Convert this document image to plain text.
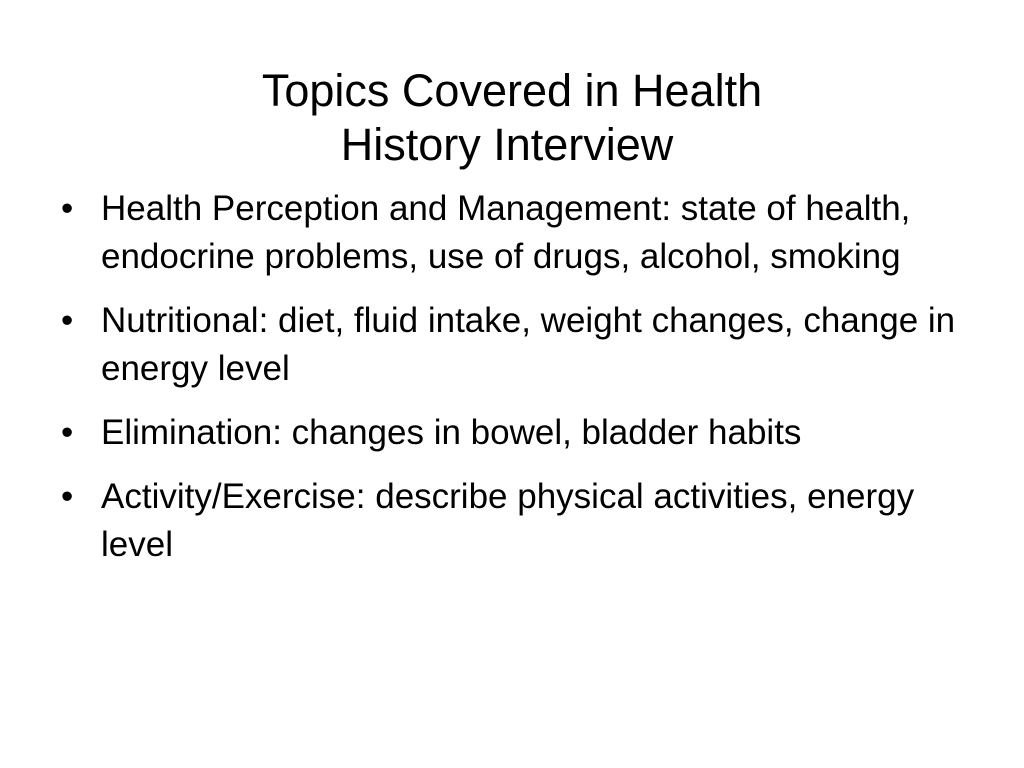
Topics Covered in Health
History Interview
• Health Perception and Management: state of health, endocrine problems, use of drugs, alcohol, smoking
• Nutritional: diet, fluid intake, weight changes, change in energy level
• Elimination: changes in bowel, bladder habits
• Activity/Exercise: describe physical activities, energy level
